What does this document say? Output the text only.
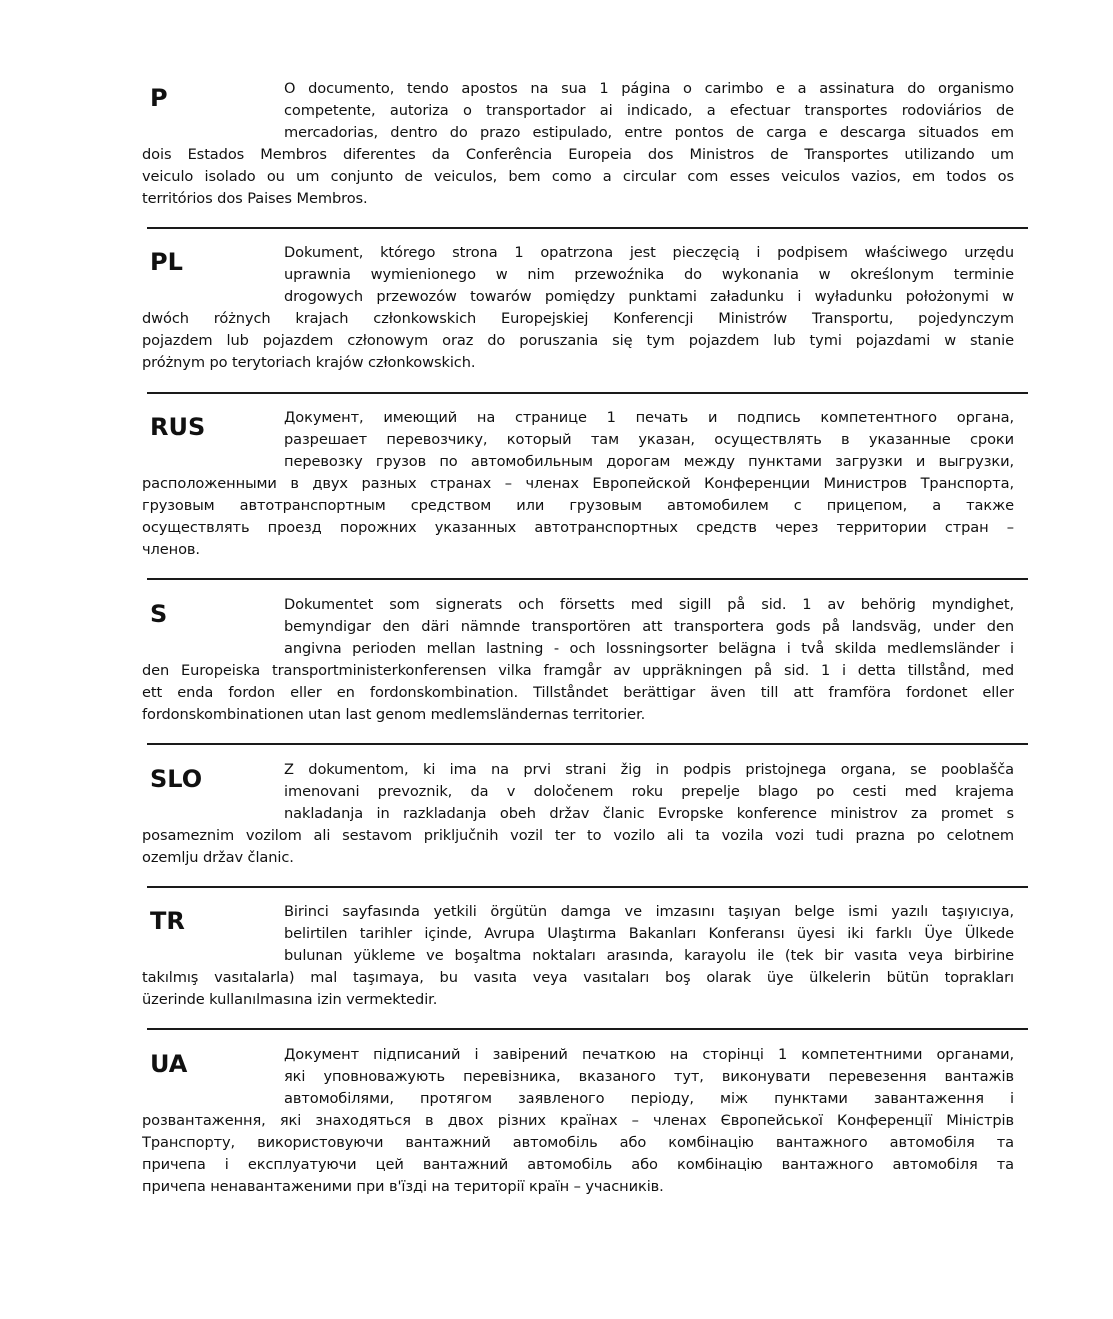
P	O documento, tendo apostos na sua 1 página o carimbo e a assinatura do organismo
competente, autoriza o transportador ai indicado, a efectuar transportes rodoviários de
mercadorias, dentro do prazo estipulado, entre pontos de carga e descarga situados em
dois Estados Membros diferentes da Conferência Europeia dos Ministros de Transportes utilizando um
veiculo isolado ou um conjunto de veiculos, bem como a circular com esses veiculos vazios, em todos os
territórios dos Paises Membros.

PL	Dokument, którego strona 1 opatrzona jest pieczęcią i podpisem właściwego urzędu
uprawnia wymienionego w nim przewoźnika do wykonania w określonym terminie
drogowych przewozów towarów pomiędzy punktami załadunku i wyładunku położonymi w
dwóch różnych krajach członkowskich Europejskiej Konferencji Ministrów Transportu, pojedynczym
pojazdem lub pojazdem członowym oraz do poruszania się tym pojazdem lub tymi pojazdami w stanie
próżnym po terytoriach krajów członkowskich.

RUS	Документ, имеющий на странице 1 печать и подпись компетентного органа,
разрешает перевозчику, который там указан, осуществлять в указанные сроки
перевозку грузов по автомобильным дорогам между пунктами загрузки и выгрузки,
расположенными в двух разных странах – членах Европейской Конференции Министров Транспорта,
грузовым автотранспортным средством или грузовым автомобилем с прицепом, а также
осуществлять проезд порожних указанных автотранспортных средств через территории стран –
членов.

S	Dokumentet som signerats och försetts med sigill på sid. 1 av behörig myndighet,
bemyndigar den däri nämnde transportören att transportera gods på landsväg, under den
angivna perioden mellan lastning - och lossningsorter belägna i två skilda medlemsländer i
den Europeiska transportministerkonferensen vilka framgår av uppräkningen på sid. 1 i detta tillstånd, med
ett enda fordon eller en fordonskombination. Tillståndet berättigar även till att framföra fordonet eller
fordonskombinationen utan last genom medlemsländernas territorier.

SLO	Z dokumentom, ki ima na prvi strani žig in podpis pristojnega organa, se pooblašča
imenovani prevoznik, da v določenem roku prepelje blago po cesti med krajema
nakladanja in razkladanja obeh držav članic Evropske konference ministrov za promet s
posameznim vozilom ali sestavom priključnih vozil ter to vozilo ali ta vozila vozi tudi prazna po celotnem
ozemlju držav članic.

TR	Birinci sayfasında yetkili örgütün damga ve imzasını taşıyan belge ismi yazılı taşıyıcıya,
belirtilen tarihler içinde, Avrupa Ulaştırma Bakanları Konferansı üyesi iki farklı Üye Ülkede
bulunan yükleme ve boşaltma noktaları arasında, karayolu ile (tek bir vasıta veya birbirine
takılmış vasıtalarla) mal taşımaya, bu vasıta veya vasıtaları boş olarak üye ülkelerin bütün toprakları
üzerinde kullanılmasına izin vermektedir.

UA	Документ підписаний і завірений печаткою на сторінці 1 компетентними органами,
які уповноважують перевізника, вказаного тут, виконувати перевезення вантажів
автомобілями, протягом заявленого періоду, між пунктами завантаження і
розвантаження, які знаходяться в двох різних країнах – членах Європейської Конференції Міністрів
Транспорту, використовуючи вантажний автомобіль або комбінацію вантажного автомобіля та
причепа і експлуатуючи цей вантажний автомобіль або комбінацію вантажного автомобіля та
причепа ненавантаженими при в'їзді на території країн – учасників.
